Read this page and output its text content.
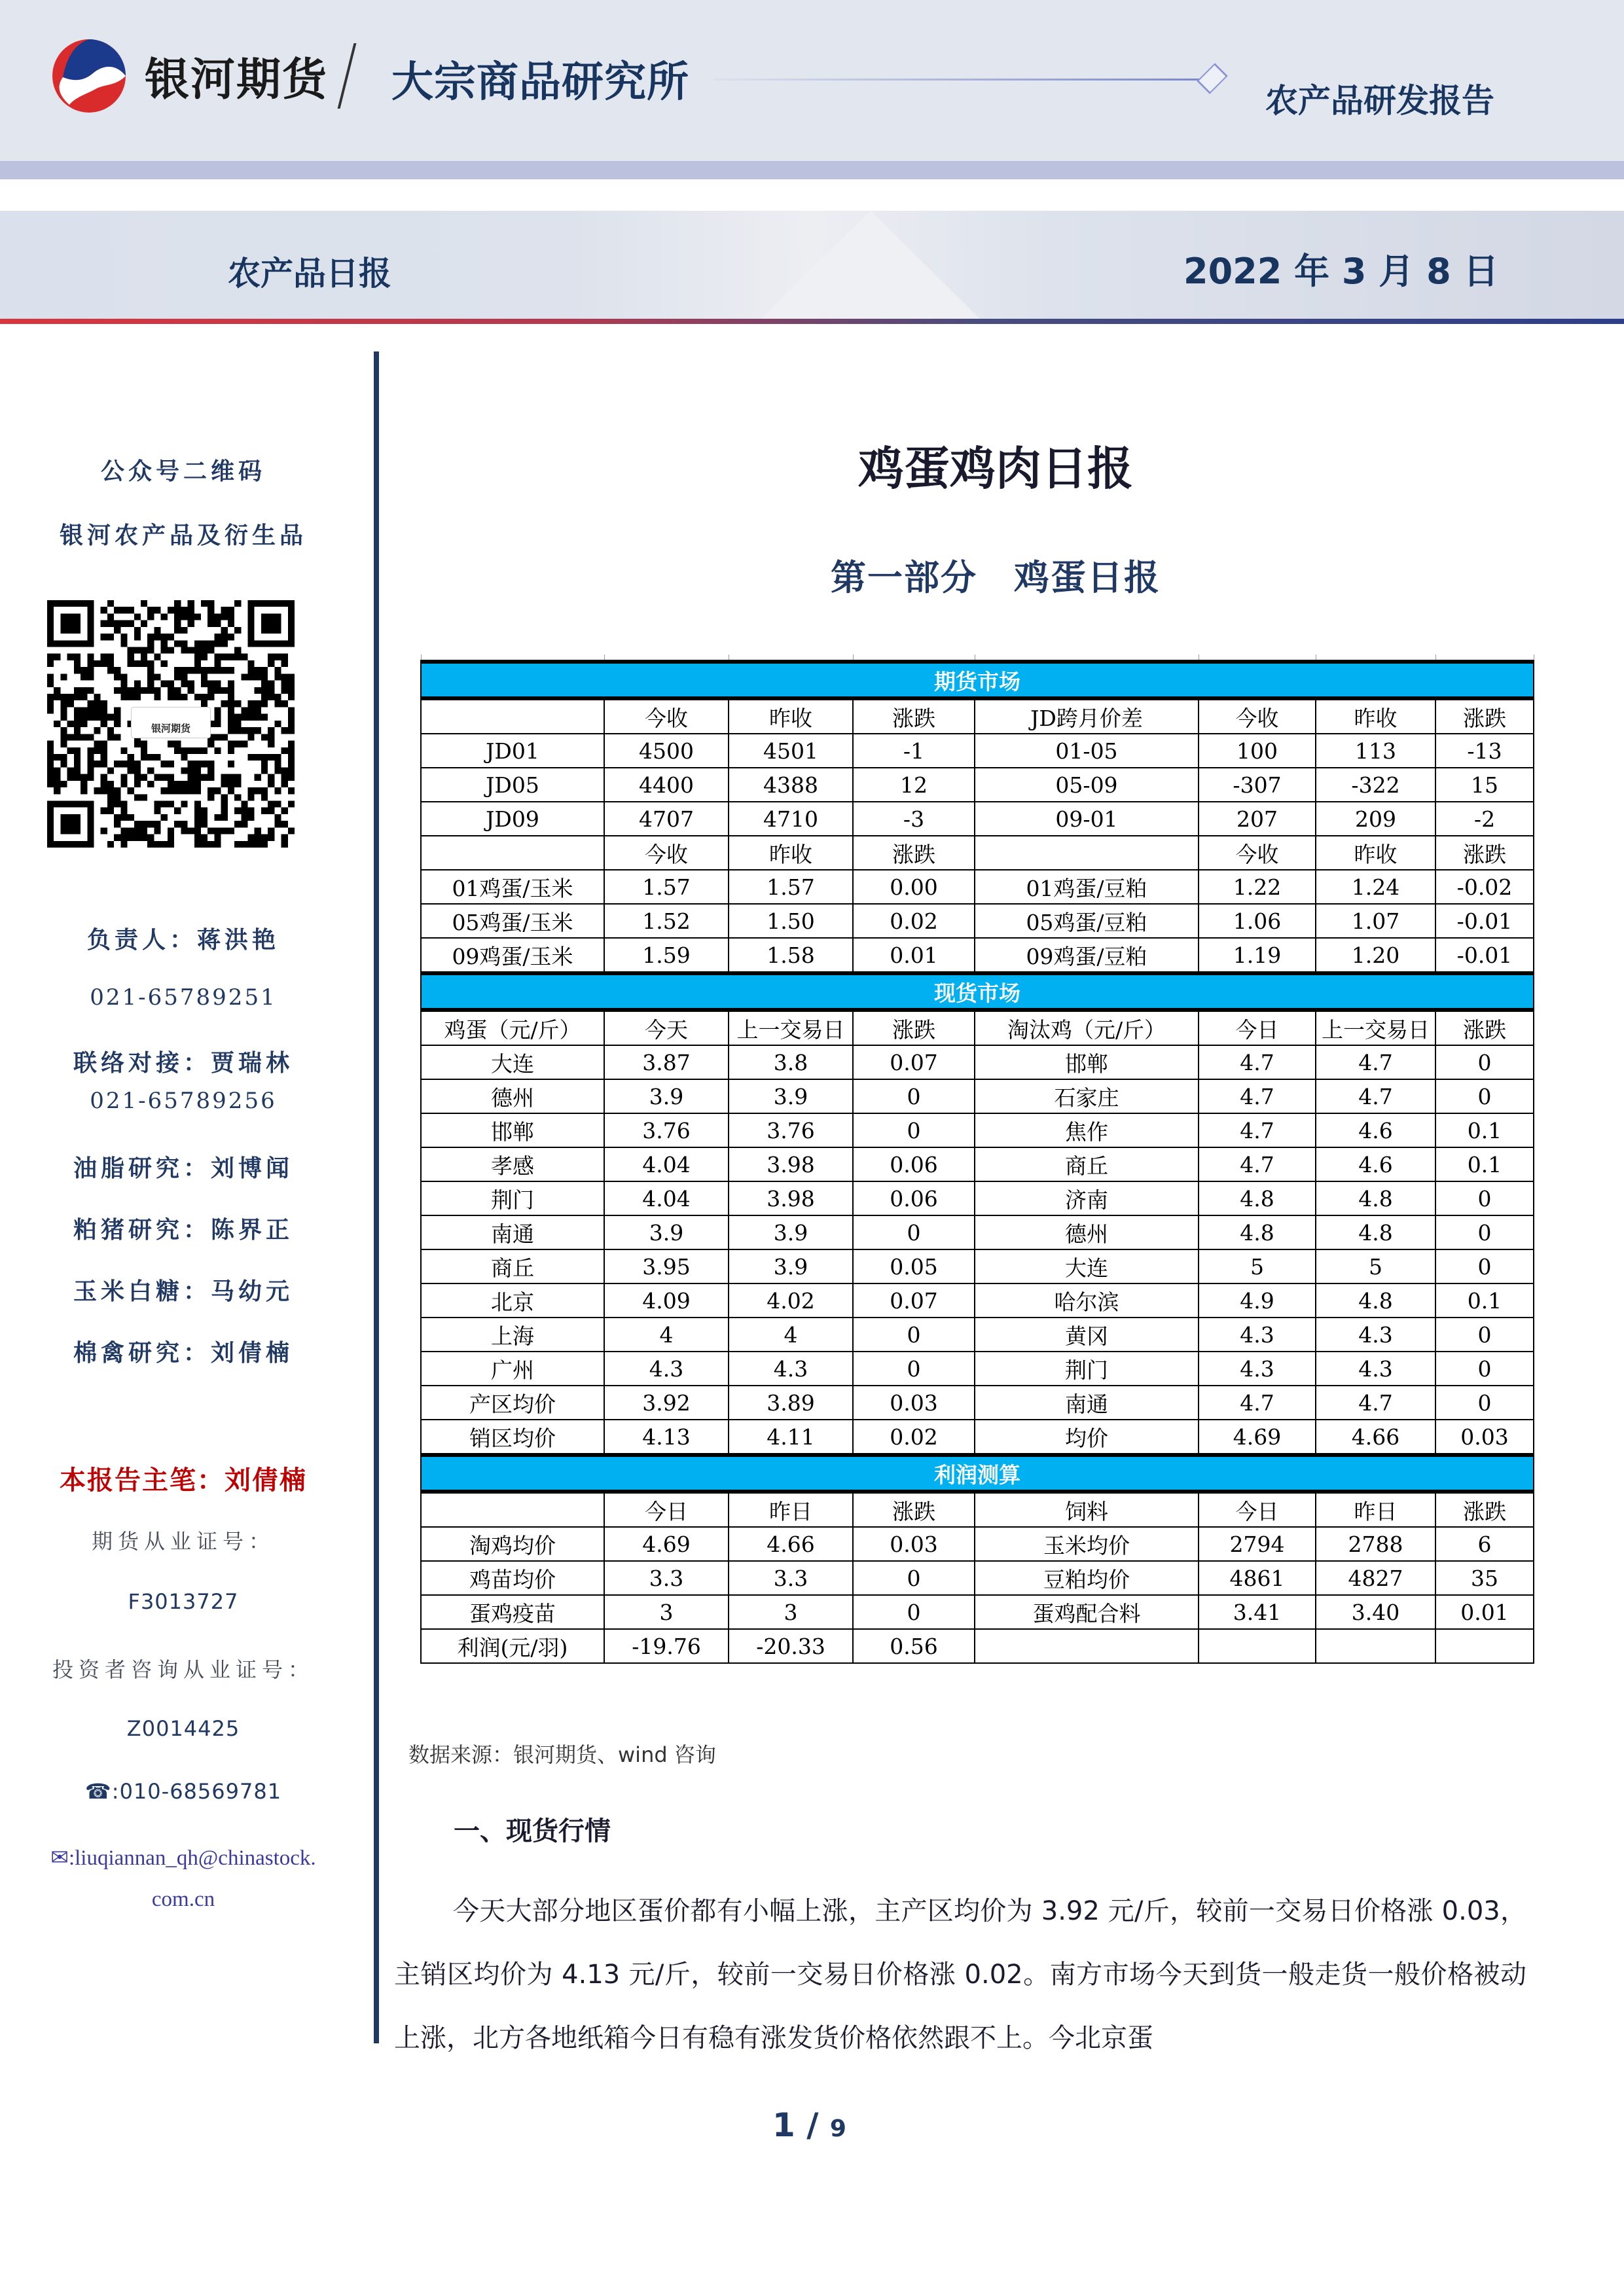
银河期货 大宗商品研究所	农产品研发报告
农产品日报	2022 年 3 月 8 日
公众号二维码
银河农产品及衍生品
银河期货
负责人：蒋洪艳
021-65789251
联络对接：贾瑞林
021-65789256
油脂研究：刘博闻
粕猪研究：陈界正
玉米白糖：马幼元
棉禽研究：刘倩楠
本报告主笔：刘倩楠
期货从业证号：
F3013727
投资者咨询从业证号：
Z0014425
☎:010-68569781
✉:liuqiannan_qh@chinastock.
com.cn
鸡蛋鸡肉日报
第一部分　鸡蛋日报

期货市场							
	今收	昨收	涨跌	JD跨月价差	今收	昨收	涨跌
JD01	4500	4501	-1	01-05	100	113	-13
JD05	4400	4388	12	05-09	-307	-322	15
JD09	4707	4710	-3	09-01	207	209	-2
	今收	昨收	涨跌		今收	昨收	涨跌
01鸡蛋/玉米	1.57	1.57	0.00	01鸡蛋/豆粕	1.22	1.24	-0.02
05鸡蛋/玉米	1.52	1.50	0.02	05鸡蛋/豆粕	1.06	1.07	-0.01
09鸡蛋/玉米	1.59	1.58	0.01	09鸡蛋/豆粕	1.19	1.20	-0.01
现货市场							
鸡蛋（元/斤）	今天	上一交易日	涨跌	淘汰鸡（元/斤）	今日	上一交易日	涨跌
大连	3.87	3.8	0.07	邯郸	4.7	4.7	0
德州	3.9	3.9	0	石家庄	4.7	4.7	0
邯郸	3.76	3.76	0	焦作	4.7	4.6	0.1
孝感	4.04	3.98	0.06	商丘	4.7	4.6	0.1
荆门	4.04	3.98	0.06	济南	4.8	4.8	0
南通	3.9	3.9	0	德州	4.8	4.8	0
商丘	3.95	3.9	0.05	大连	5	5	0
北京	4.09	4.02	0.07	哈尔滨	4.9	4.8	0.1
上海	4	4	0	黄冈	4.3	4.3	0
广州	4.3	4.3	0	荆门	4.3	4.3	0
产区均价	3.92	3.89	0.03	南通	4.7	4.7	0
销区均价	4.13	4.11	0.02	均价	4.69	4.66	0.03
利润测算							
	今日	昨日	涨跌	饲料	今日	昨日	涨跌
淘鸡均价	4.69	4.66	0.03	玉米均价	2794	2788	6
鸡苗均价	3.3	3.3	0	豆粕均价	4861	4827	35
蛋鸡疫苗	3	3	0	蛋鸡配合料	3.41	3.40	0.01
利润(元/羽)	-19.76	-20.33	0.56				
数据来源：银河期货、wind 咨询
一、现货行情
今天大部分地区蛋价都有小幅上涨，主产区均价为 3.92 元/斤，较前一交易日价格涨 0.03，主销区均价为 4.13 元/斤，较前一交易日价格涨 0.02。南方市场今天到货一般走货一般价格被动上涨，北方各地纸箱今日有稳有涨发货价格依然跟不上。今北京蛋
1 / 9
